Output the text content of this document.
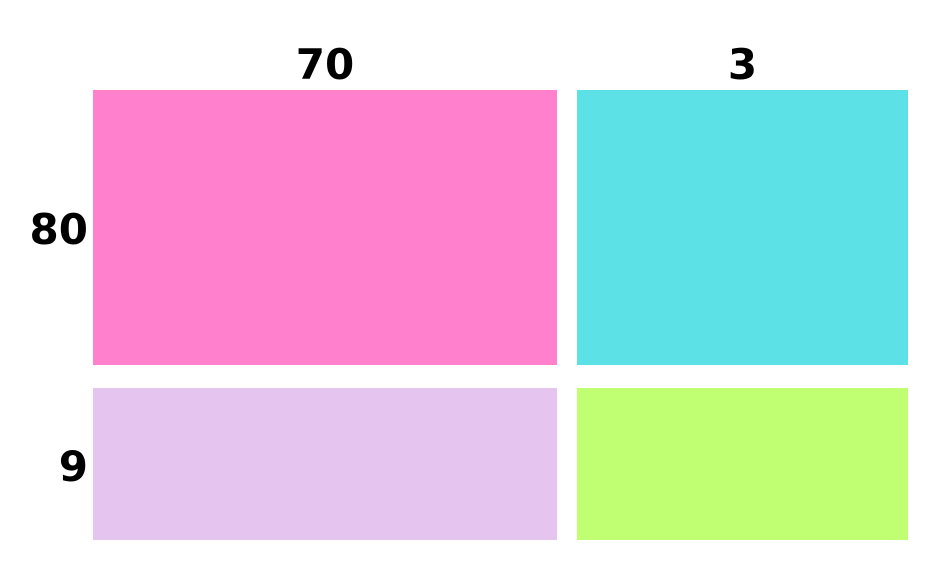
70	3
80
9
